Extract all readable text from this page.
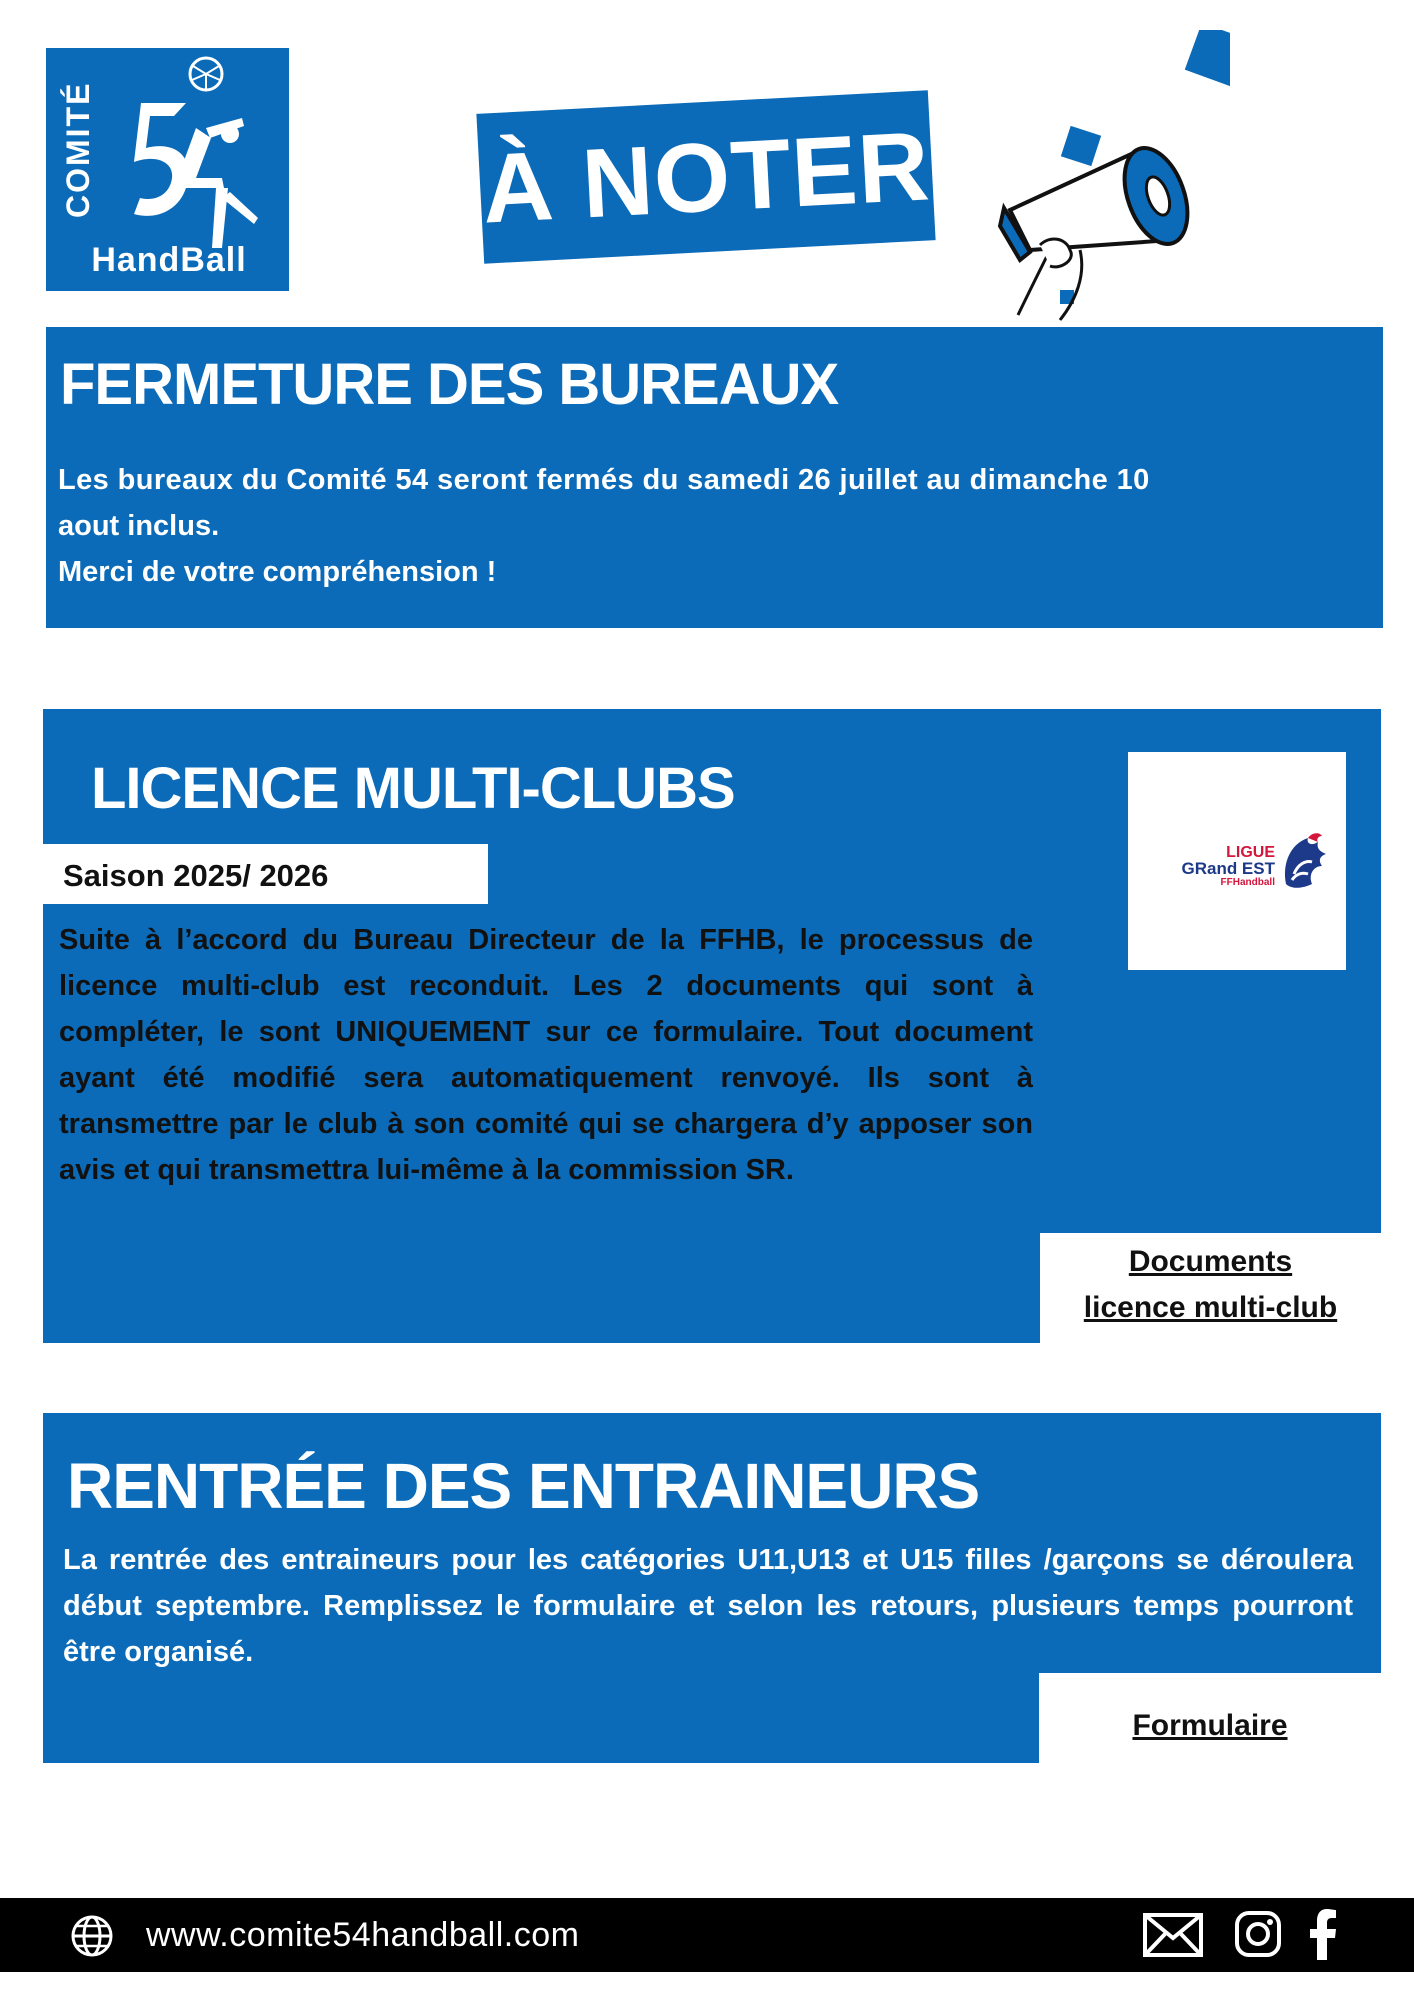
COMITÉ
HandBall
À NOTER
FERMETURE DES BUREAUX
Les bureaux du Comité 54 seront fermés du samedi 26 juillet au dimanche 10
aout inclus.
Merci de votre compréhension !
LICENCE MULTI-CLUBS
Saison 2025/ 2026
Suite à l’accord du Bureau Directeur de la FFHB, le processus de licence multi-club est reconduit. Les 2 documents qui sont à compléter, le sont UNIQUEMENT sur ce formulaire. Tout document ayant été modifié sera automatiquement renvoyé. Ils sont à transmettre par le club à son comité qui se chargera d’y apposer son avis et qui transmettra lui-même à la commission SR.
LIGUE
GRand EST
FFHandball
Documents
licence multi-club
RENTRÉE DES ENTRAINEURS
La rentrée des entraineurs pour les catégories U11,U13 et U15 filles /garçons se déroulera début septembre. Remplissez le formulaire et selon les retours, plusieurs temps pourront être organisé.
Formulaire
www.comite54handball.com
